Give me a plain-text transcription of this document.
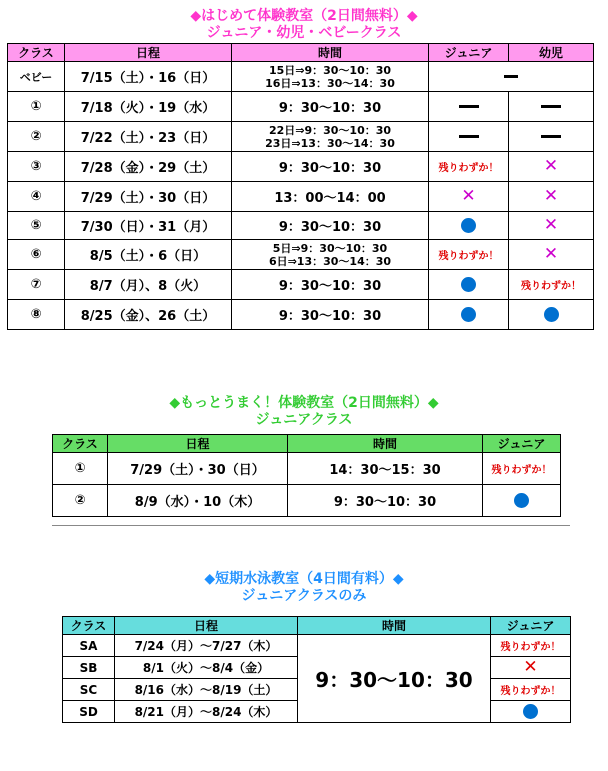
◆はじめて体験教室（2日間無料）◆
ジュニア・幼児・ベビークラス
クラス	日程	時間	ジュニア	幼児
ベビー	7/15（土）・16（日）	15日⇒9：30～10：30
16日⇒13：30～14：30		

①	7/18（火）・19（水）	9：30～10：30		
②	7/22（土）・23（日）	22日⇒9：30～10：30
23日⇒13：30～14：30		

③	7/28（金）・29（土）	9：30～10：30	残りわずか！	✕
④	7/29（土）・30（日）	13：00～14：00	✕	✕
⑤	7/30（日）・31（月）	9：30～10：30		✕
⑥	8/5（土）・6（日）	5日⇒9：30～10：30
6日⇒13：30～14：30	残りわずか！	✕
⑦	8/7（月）、8（火）	9：30～10：30		残りわずか！
⑧	8/25（金）、26（土）	9：30～10：30		
◆もっとうまく！体験教室（2日間無料）◆
ジュニアクラス
クラス	日程	時間	ジュニア
①	7/29（土）・30（日）	14：30～15：30	残りわずか！
②	8/9（水）・10（木）	9：30～10：30	
◆短期水泳教室（4日間有料）◆
ジュニアクラスのみ
クラス	日程	時間	ジュニア
SA	7/24（月）～7/27（木）	9：30～10：30	残りわずか！
SB	8/1（火）～8/4（金）		✕
SC	8/16（水）～8/19（土）		残りわずか！
SD	8/21（月）～8/24（木）		
